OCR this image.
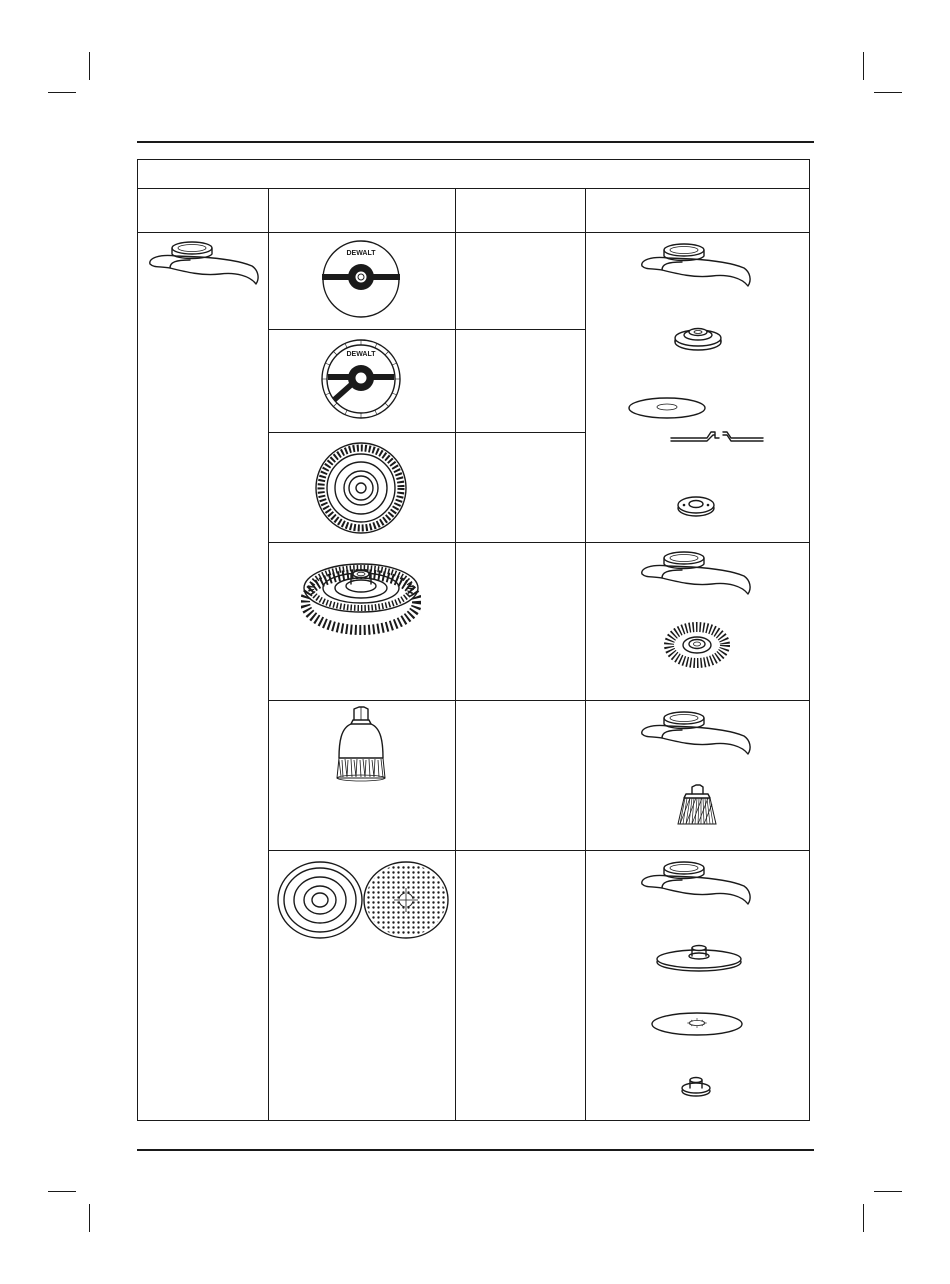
DEWALT
DEWALT
